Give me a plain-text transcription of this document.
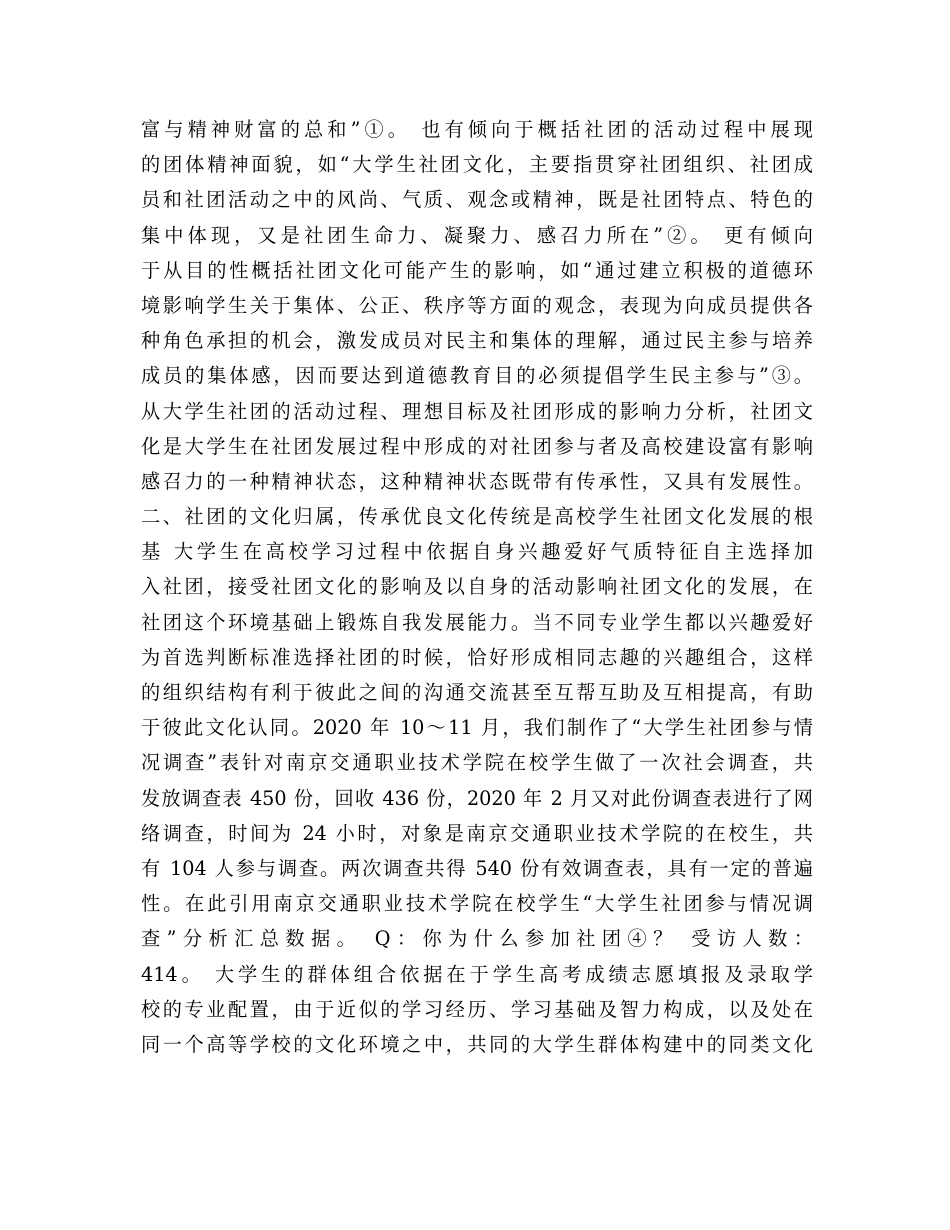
富与精神财富的总和”①。 也有倾向于概括社团的活动过程中展现
的团体精神面貌，如“大学生社团文化，主要指贯穿社团组织、社团成
员和社团活动之中的风尚、气质、观念或精神，既是社团特点、特色的
集中体现，又是社团生命力、凝聚力、感召力所在”②。 更有倾向
于从目的性概括社团文化可能产生的影响，如“通过建立积极的道德环
境影响学生关于集体、公正、秩序等方面的观念，表现为向成员提供各
种角色承担的机会，激发成员对民主和集体的理解，通过民主参与培养
成员的集体感，因而要达到道德教育目的必须提倡学生民主参与”③。
从大学生社团的活动过程、理想目标及社团形成的影响力分析，社团文
化是大学生在社团发展过程中形成的对社团参与者及高校建设富有影响
感召力的一种精神状态，这种精神状态既带有传承性，又具有发展性。
二、社团的文化归属，传承优良文化传统是高校学生社团文化发展的根
基 大学生在高校学习过程中依据自身兴趣爱好气质特征自主选择加
入社团，接受社团文化的影响及以自身的活动影响社团文化的发展，在
社团这个环境基础上锻炼自我发展能力。当不同专业学生都以兴趣爱好
为首选判断标准选择社团的时候，恰好形成相同志趣的兴趣组合，这样
的组织结构有利于彼此之间的沟通交流甚至互帮互助及互相提高，有助
于彼此文化认同。2020 年 10～11 月，我们制作了“大学生社团参与情
况调查”表针对南京交通职业技术学院在校学生做了一次社会调查，共
发放调查表 450 份，回收 436 份，2020 年 2 月又对此份调查表进行了网
络调查，时间为 24 小时，对象是南京交通职业技术学院的在校生，共
有 104 人参与调查。两次调查共得 540 份有效调查表，具有一定的普遍
性。在此引用南京交通职业技术学院在校学生“大学生社团参与情况调
查”分析汇总数据。 Q：你为什么参加社团④？ 受访人数：
414。 大学生的群体组合依据在于学生高考成绩志愿填报及录取学
校的专业配置，由于近似的学习经历、学习基础及智力构成，以及处在
同一个高等学校的文化环境之中，共同的大学生群体构建中的同类文化
